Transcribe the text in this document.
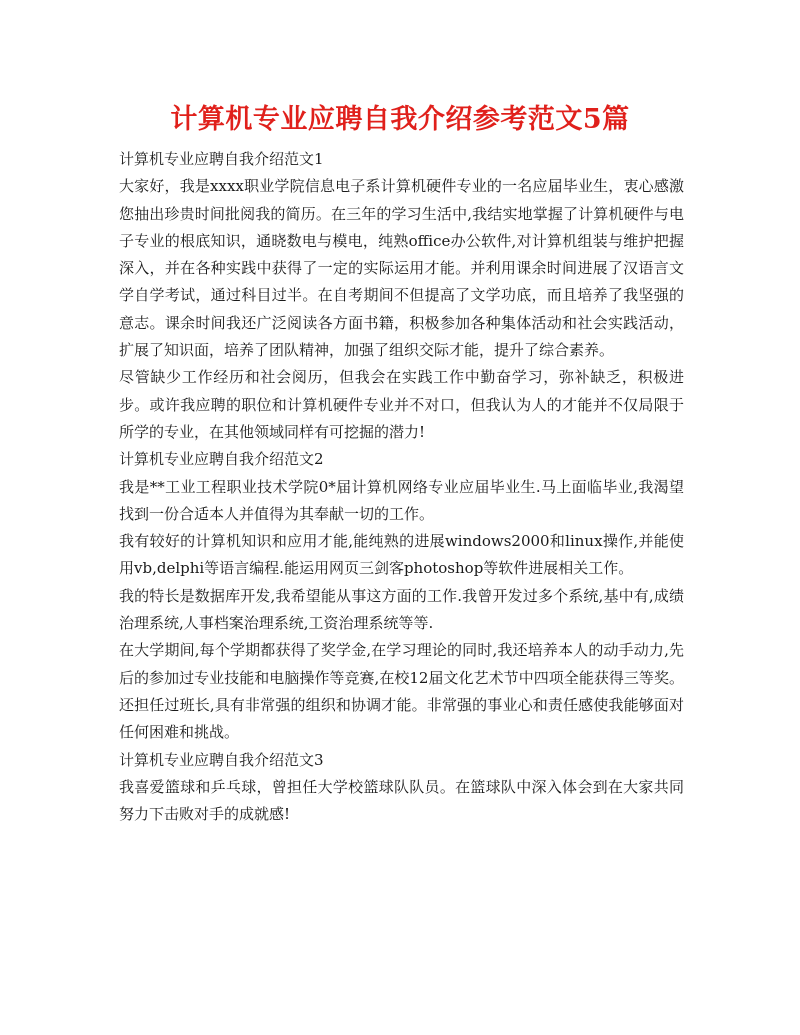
计算机专业应聘自我介绍参考范文5篇
计算机专业应聘自我介绍范文1

大家好，我是xxxx职业学院信息电子系计算机硬件专业的一名应届毕业生，衷心感激您抽出珍贵时间批阅我的简历。在三年的学习生活中,我结实地掌握了计算机硬件与电子专业的根底知识，通晓数电与模电，纯熟office办公软件,对计算机组装与维护把握深入，并在各种实践中获得了一定的实际运用才能。并利用课余时间进展了汉语言文学自学考试，通过科目过半。在自考期间不但提高了文学功底，而且培养了我坚强的意志。课余时间我还广泛阅读各方面书籍，积极参加各种集体活动和社会实践活动，扩展了知识面，培养了团队精神，加强了组织交际才能，提升了综合素养。

尽管缺少工作经历和社会阅历，但我会在实践工作中勤奋学习，弥补缺乏，积极进步。或许我应聘的职位和计算机硬件专业并不对口，但我认为人的才能并不仅局限于所学的专业，在其他领域同样有可挖掘的潜力!

计算机专业应聘自我介绍范文2

我是**工业工程职业技术学院0*届计算机网络专业应届毕业生.马上面临毕业,我渴望找到一份合适本人并值得为其奉献一切的工作。

我有较好的计算机知识和应用才能,能纯熟的进展windows2000和linux操作,并能使用vb,delphi等语言编程.能运用网页三剑客photoshop等软件进展相关工作。

我的特长是数据库开发,我希望能从事这方面的工作.我曾开发过多个系统,基中有,成绩治理系统,人事档案治理系统,工资治理系统等等.

在大学期间,每个学期都获得了奖学金,在学习理论的同时,我还培养本人的动手动力,先后的参加过专业技能和电脑操作等竞赛,在校12届文化艺术节中四项全能获得三等奖。还担任过班长,具有非常强的组织和协调才能。非常强的事业心和责任感使我能够面对任何困难和挑战。

计算机专业应聘自我介绍范文3

我喜爱篮球和乒乓球，曾担任大学校篮球队队员。在篮球队中深入体会到在大家共同努力下击败对手的成就感!
